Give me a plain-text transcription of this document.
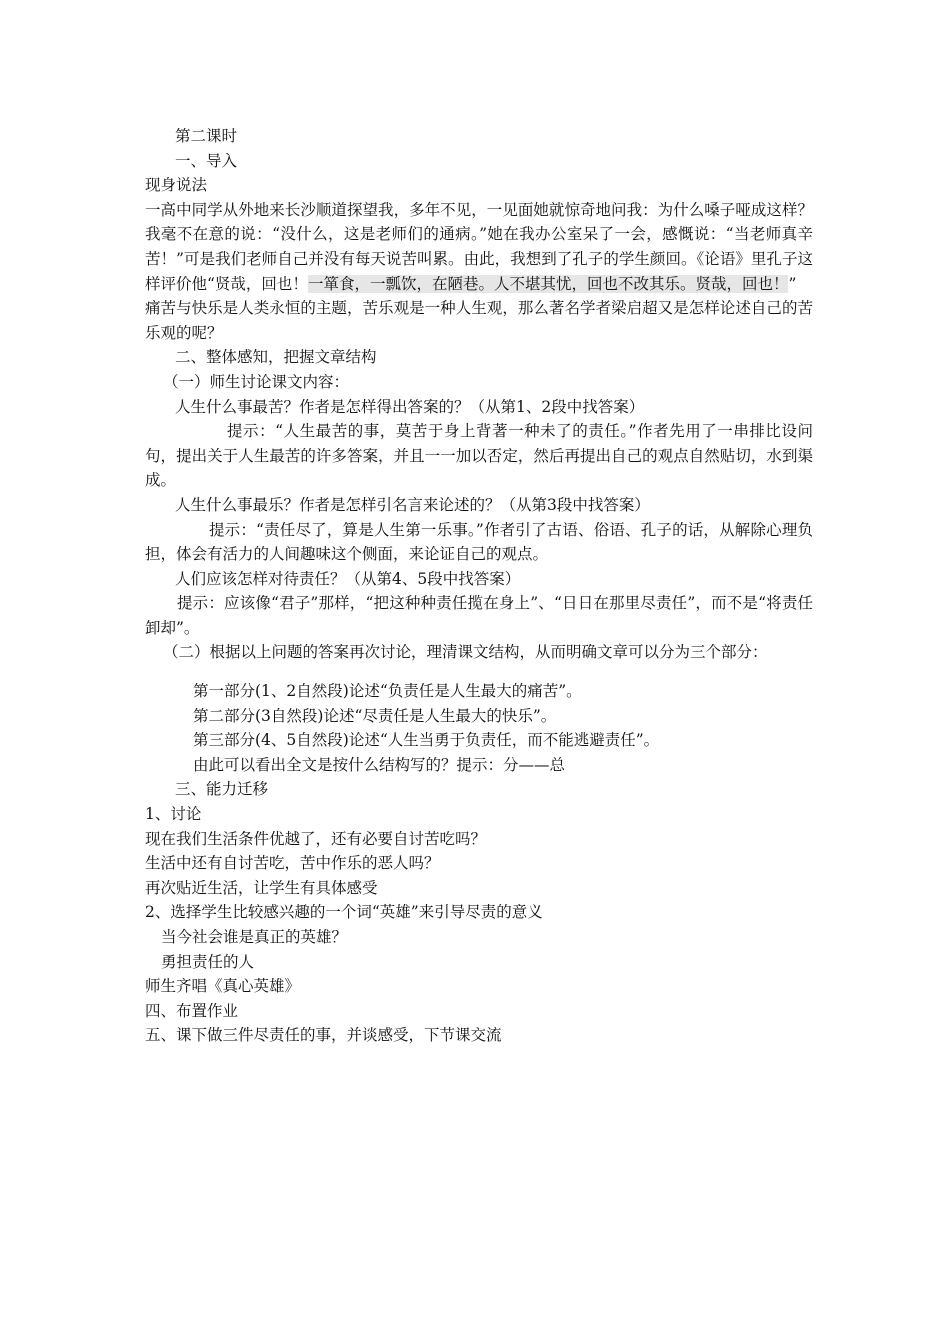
第二课时
一、导入
现身说法
一高中同学从外地来长沙顺道探望我，多年不见，一见面她就惊奇地问我：为什么嗓子哑成这样？我毫不在意的说：“没什么，这是老师们的通病。”她在我办公室呆了一会，感慨说：“当老师真辛苦！”可是我们老师自己并没有每天说苦叫累。由此，我想到了孔子的学生颜回。《论语》里孔子这样评价他“贤哉，回也！一箪食，一瓢饮，在陋巷。人不堪其忧，回也不改其乐。贤哉，回也！”
痛苦与快乐是人类永恒的主题，苦乐观是一种人生观，那么著名学者梁启超又是怎样论述自己的苦乐观的呢？
二、整体感知，把握文章结构
（一）师生讨论课文内容：
人生什么事最苦？作者是怎样得出答案的？（从第1、2段中找答案）
提示：“人生最苦的事，莫苦于身上背著一种未了的责任。”作者先用了一串排比设问句，提出关于人生最苦的许多答案，并且一一加以否定，然后再提出自己的观点自然贴切，水到渠成。
人生什么事最乐？作者是怎样引名言来论述的？（从第3段中找答案）
提示：“责任尽了，算是人生第一乐事。”作者引了古语、俗语、孔子的话，从解除心理负担，体会有活力的人间趣味这个侧面，来论证自己的观点。
人们应该怎样对待责任？（从第4、5段中找答案）
提示：应该像“君子”那样，“把这种种责任揽在身上”、“日日在那里尽责任”，而不是“将责任卸却”。
（二）根据以上问题的答案再次讨论，理清课文结构，从而明确文章可以分为三个部分：
第一部分(1、2自然段)论述“负责任是人生最大的痛苦”。
第二部分(3自然段)论述“尽责任是人生最大的快乐”。
第三部分(4、5自然段)论述“人生当勇于负责任，而不能逃避责任”。
由此可以看出全文是按什么结构写的？提示：分——总
三、能力迁移
1、讨论
现在我们生活条件优越了，还有必要自讨苦吃吗？
生活中还有自讨苦吃，苦中作乐的恶人吗？
再次贴近生活，让学生有具体感受
2、选择学生比较感兴趣的一个词“英雄”来引导尽责的意义
当今社会谁是真正的英雄？
勇担责任的人
师生齐唱《真心英雄》
四、布置作业
五、课下做三件尽责任的事，并谈感受，下节课交流
